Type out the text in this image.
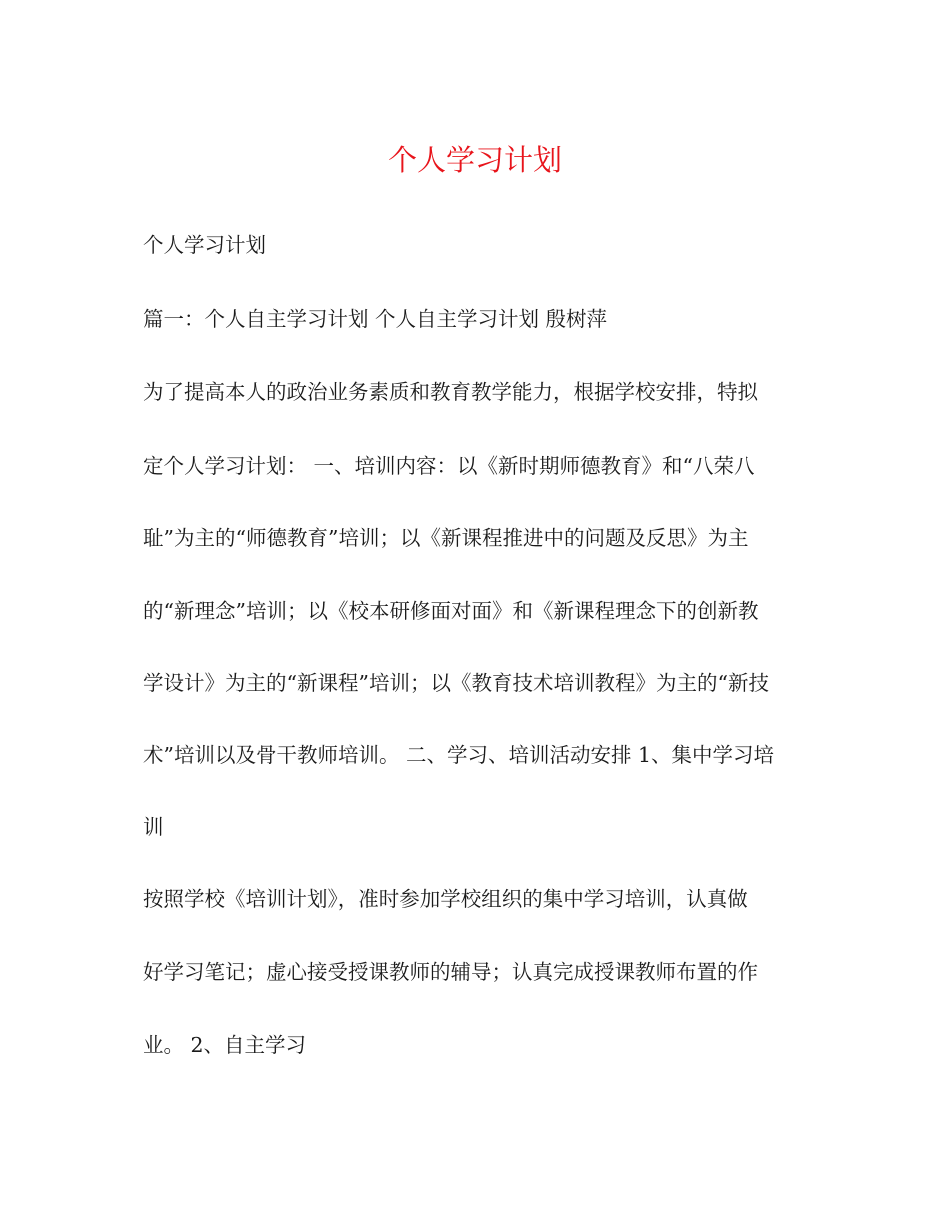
个人学习计划

个人学习计划

篇一：个人自主学习计划 个人自主学习计划 殷树萍

为了提高本人的政治业务素质和教育教学能力，根据学校安排，特拟

定个人学习计划： 一、培训内容：以《新时期师德教育》和“八荣八

耻”为主的“师德教育”培训；以《新课程推进中的问题及反思》为主

的“新理念”培训；以《校本研修面对面》和《新课程理念下的创新教

学设计》为主的“新课程”培训；以《教育技术培训教程》为主的“新技

术”培训以及骨干教师培训。 二、学习、培训活动安排 1、集中学习培

训

按照学校《培训计划》，准时参加学校组织的集中学习培训，认真做

好学习笔记；虚心接受授课教师的辅导；认真完成授课教师布置的作

业。 2、自主学习
